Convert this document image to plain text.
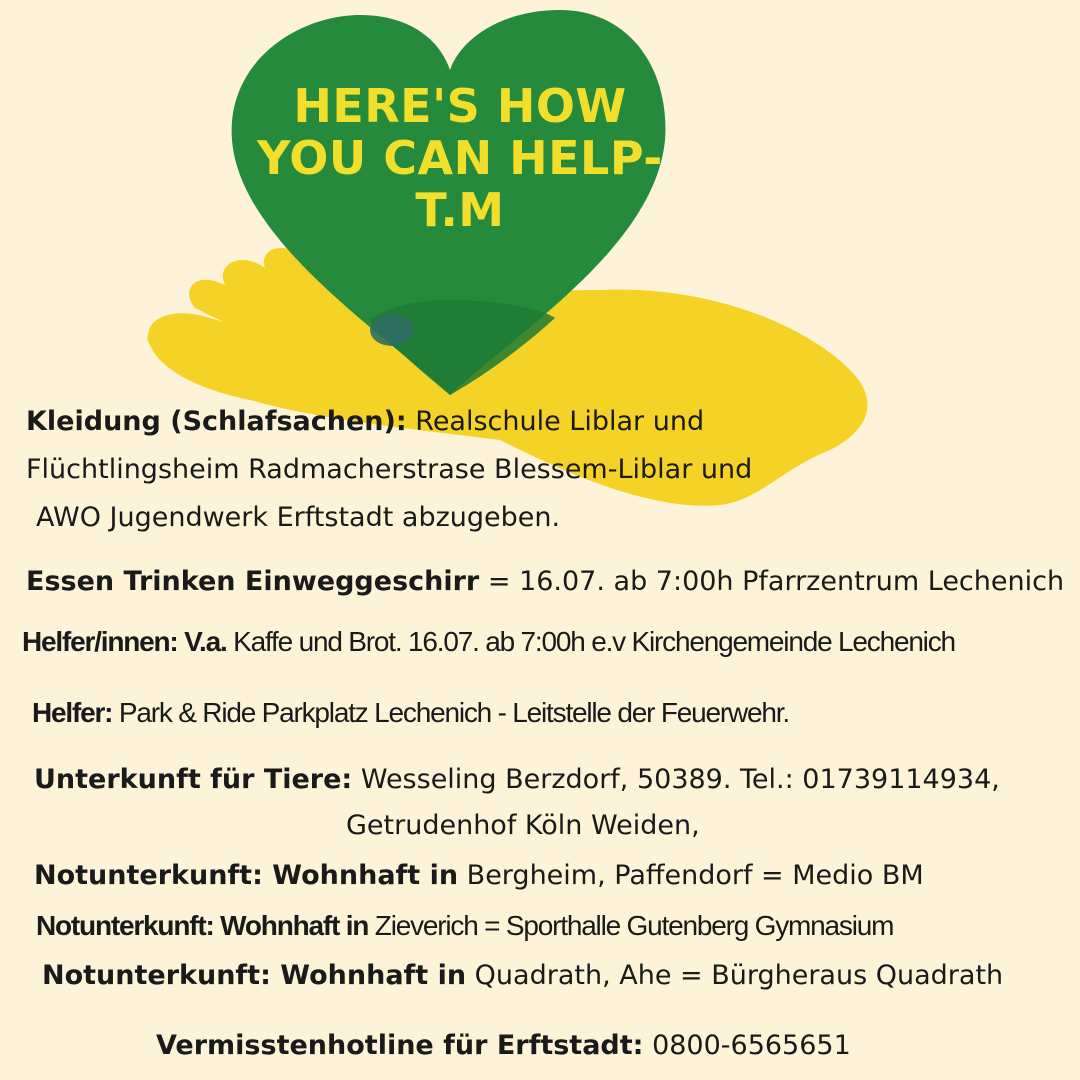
HERE'S HOW
YOU CAN HELP-
T.M
Kleidung (Schlafsachen): Realschule Liblar und
Flüchtlingsheim Radmacherstrase Blessem-Liblar und
AWO Jugendwerk Erftstadt abzugeben.
Essen Trinken Einweggeschirr = 16.07. ab 7:00h Pfarrzentrum Lechenich
Helfer/innen: V.a. Kaffe und Brot. 16.07. ab 7:00h e.v Kirchengemeinde Lechenich
Helfer: Park & Ride Parkplatz Lechenich - Leitstelle der Feuerwehr.
Unterkunft für Tiere: Wesseling Berzdorf, 50389. Tel.: 01739114934,
Getrudenhof Köln Weiden,
Notunterkunft: Wohnhaft in Bergheim, Paffendorf = Medio BM
Notunterkunft: Wohnhaft in Zieverich = Sporthalle Gutenberg Gymnasium
Notunterkunft: Wohnhaft in Quadrath, Ahe = Bürgheraus Quadrath
Vermisstenhotline für Erftstadt: 0800-6565651
